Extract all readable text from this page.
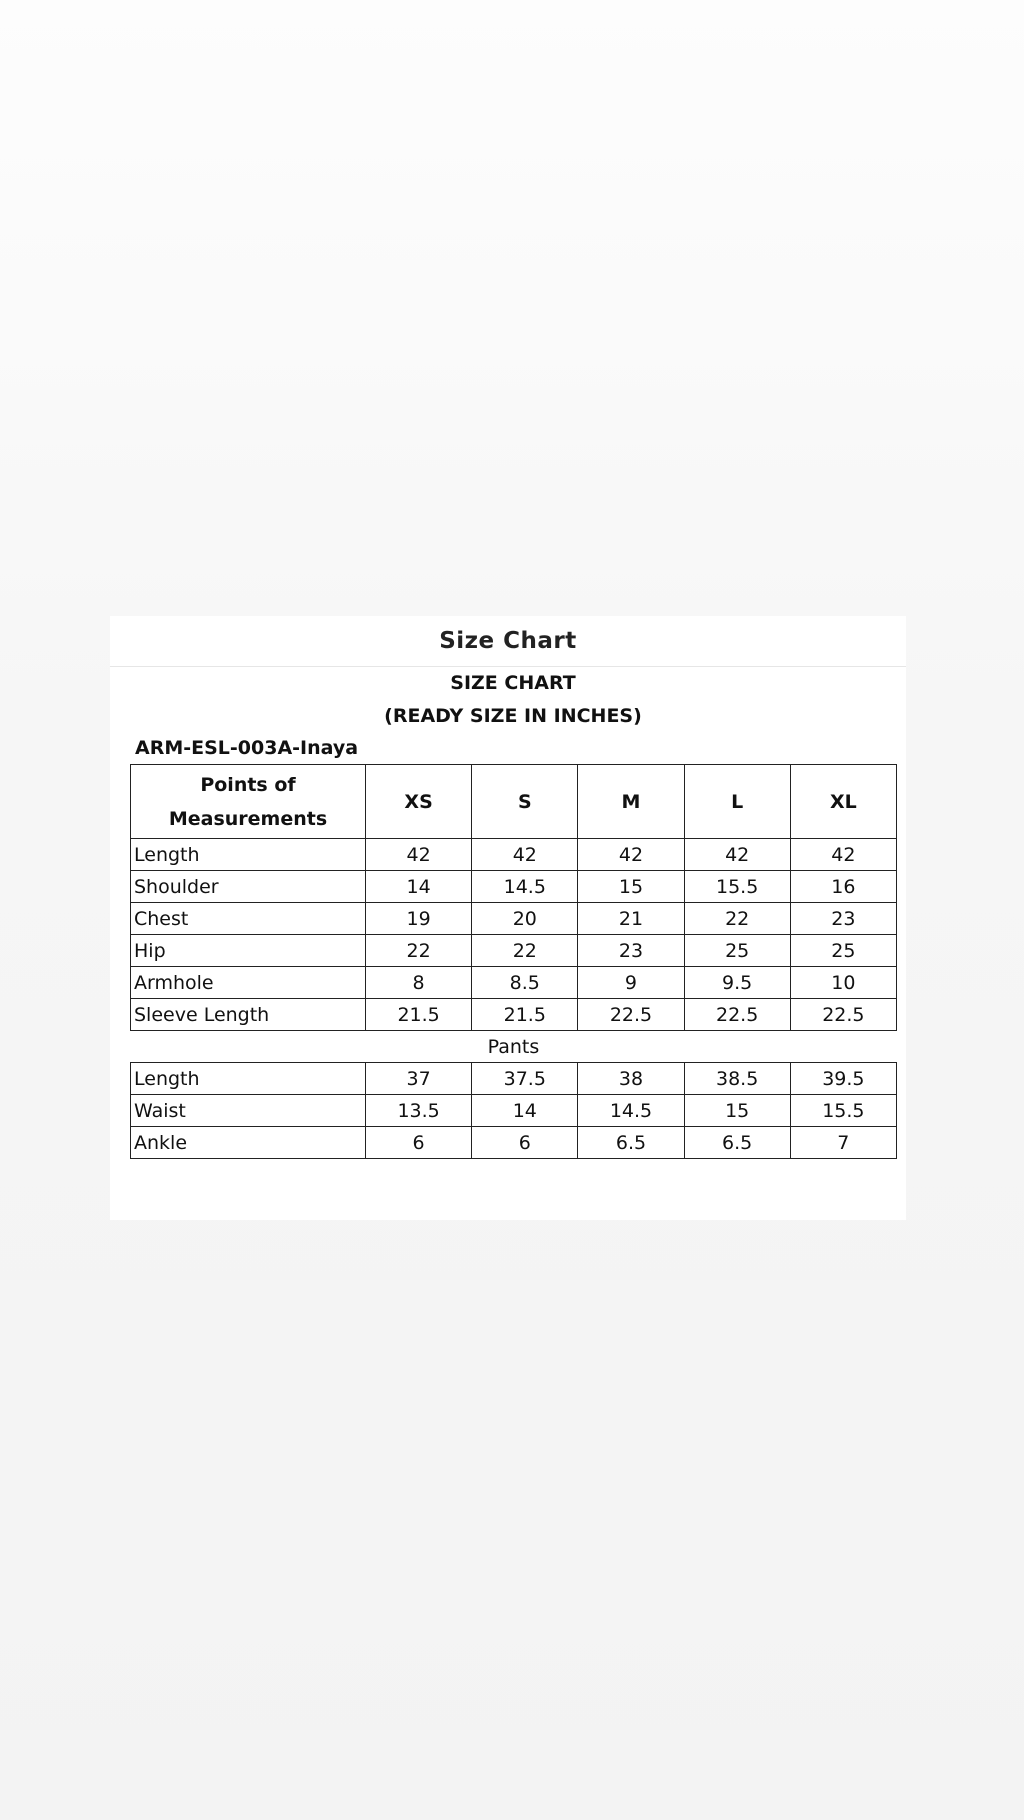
Size Chart
SIZE CHART
(READY SIZE IN INCHES)
ARM-ESL-003A-Inaya
Points of
Measurements	XS	S	M	L	XL
Length	42	42	42	42	42
Shoulder	14	14.5	15	15.5	16
Chest	19	20	21	22	23
Hip	22	22	23	25	25
Armhole	8	8.5	9	9.5	10
Sleeve Length	21.5	21.5	22.5	22.5	22.5
Pants					
Length	37	37.5	38	38.5	39.5
Waist	13.5	14	14.5	15	15.5
Ankle	6	6	6.5	6.5	7
